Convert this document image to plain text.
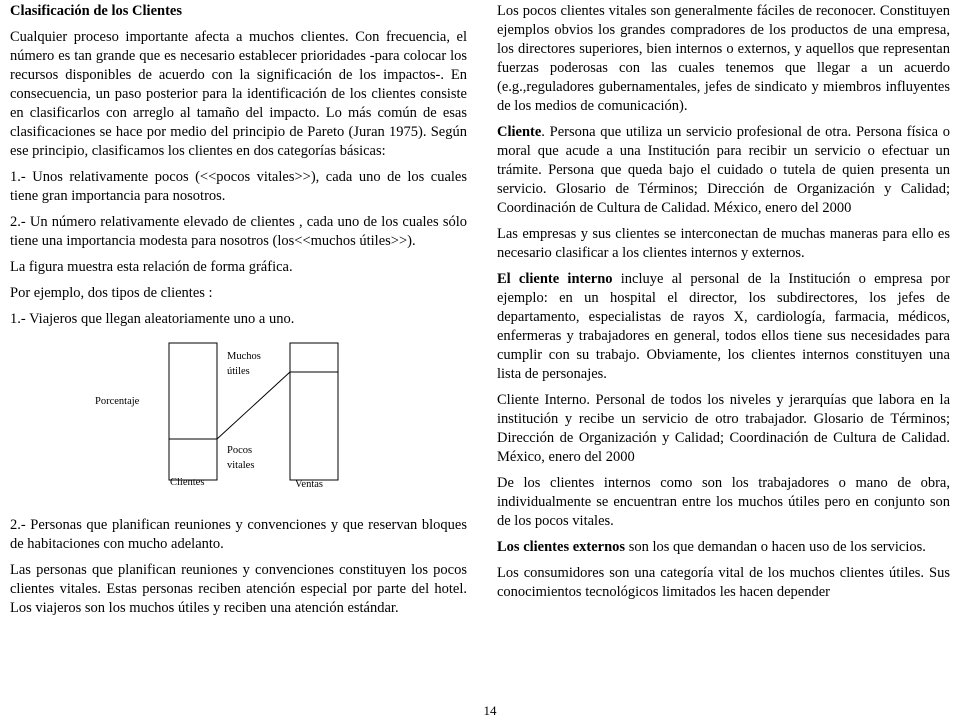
Clasificación de los Clientes

Cualquier proceso importante afecta a muchos clientes. Con frecuencia, el número es tan grande que es necesario establecer prioridades -para colocar los recursos disponibles de acuerdo con la significación de los impactos-. En consecuencia, un paso posterior para la identificación de los clientes consiste en clasificarlos con arreglo al tamaño del impacto. Lo más común de esas clasificaciones se hace por medio del principio de Pareto (Juran 1975). Según ese principio, clasificamos los clientes en dos categorías básicas:

1.- Unos relativamente pocos (<<pocos vitales>>), cada uno de los cuales tiene gran importancia para nosotros.

2.- Un número relativamente elevado de clientes , cada uno de los cuales sólo tiene una importancia modesta para nosotros (los<<muchos útiles>>).

La figura muestra esta relación de forma gráfica.

Por ejemplo, dos tipos de clientes :

1.- Viajeros que llegan aleatoriamente uno a uno.

Porcentaje
Muchos
útiles
Pocos
vitales
Clientes	Ventas

2.- Personas que planifican reuniones y convenciones y que reservan bloques de habitaciones con mucho adelanto.

Las personas que planifican reuniones y convenciones constituyen los pocos clientes vitales. Estas personas reciben atención especial por parte del hotel. Los viajeros son los muchos útiles y reciben una atención estándar.

Los pocos clientes vitales son generalmente fáciles de reconocer. Constituyen ejemplos obvios los grandes compradores de los productos de una empresa, los directores superiores, bien internos o externos, y aquellos que representan fuerzas poderosas con las cuales tenemos que llegar a un acuerdo (e.g.,reguladores gubernamentales, jefes de sindicato y miembros influyentes de los medios de comunicación).

Cliente. Persona que utiliza un servicio profesional de otra. Persona física o moral que acude a una Institución para recibir un servicio o efectuar un trámite. Persona que queda bajo el cuidado o tutela de quien presenta un servicio. Glosario de Términos; Dirección de Organización y Calidad; Coordinación de Cultura de Calidad. México, enero del 2000

Las empresas y sus clientes se interconectan de muchas maneras para ello es necesario clasificar a los clientes internos y externos.

El cliente interno incluye al personal de la Institución o empresa por ejemplo: en un hospital el director, los subdirectores, los jefes de departamento, especialistas de rayos X, cardiología, farmacia, médicos, enfermeras y trabajadores en general, todos ellos tiene sus necesidades para cumplir con su trabajo. Obviamente, los clientes internos constituyen una lista de personajes.

Cliente Interno. Personal de todos los niveles y jerarquías que labora en la institución y recibe un servicio de otro trabajador. Glosario de Términos; Dirección de Organización y Calidad; Coordinación de Cultura de Calidad. México, enero del 2000

De los clientes internos como son los trabajadores o mano de obra, individualmente se encuentran entre los muchos útiles pero en conjunto son de los pocos vitales.

Los clientes externos son los que demandan o hacen uso de los servicios.

Los consumidores son una categoría vital de los muchos clientes útiles. Sus conocimientos tecnológicos limitados les hacen depender

14
